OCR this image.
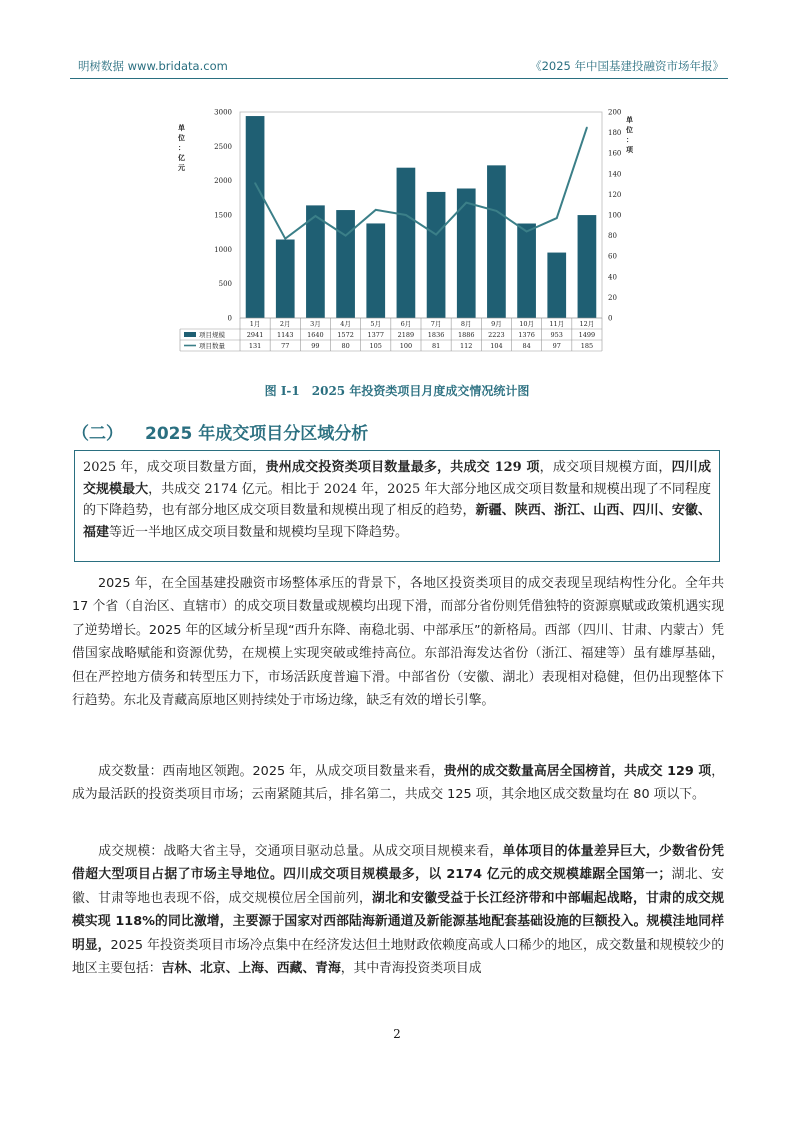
明树数据 www.bridata.com	《2025 年中国基建投融资市场年报》
0
500
1000
1500
2000
2500
3000
0
20
40
60
80
100
120
140
160
180
200
单
位
：
亿
元
单
位
：
项
1月	2月	3月	4月	5月	6月	7月	8月	9月	10月 11月 12月
项目规模	2941 1143 1640 1572 1377 2189 1836 1886 2223 1376 953 1499
项目数量	131	77	99	80	105	100	81	112	104	84	97	185
图 I-1　2025 年投资类项目月度成交情况统计图
（二） 2025 年成交项目分区域分析
2025 年，成交项目数量方面，贵州成交投资类项目数量最多，共成交 129 项，成交项目规模方面，四川成交规模最大，共成交 2174 亿元。相比于 2024 年，2025 年大部分地区成交项目数量和规模出现了不同程度的下降趋势，也有部分地区成交项目数量和规模出现了相反的趋势，新疆、陕西、浙江、山西、四川、安徽、福建等近一半地区成交项目数量和规模均呈现下降趋势。
2025 年，在全国基建投融资市场整体承压的背景下，各地区投资类项目的成交表现呈现结构性分化。全年共 17 个省（自治区、直辖市）的成交项目数量或规模均出现下滑，而部分省份则凭借独特的资源禀赋或政策机遇实现了逆势增长。2025 年的区域分析呈现“西升东降、南稳北弱、中部承压”的新格局。西部（四川、甘肃、内蒙古）凭借国家战略赋能和资源优势，在规模上实现突破或维持高位。东部沿海发达省份（浙江、福建等）虽有雄厚基础，但在严控地方债务和转型压力下，市场活跃度普遍下滑。中部省份（安徽、湖北）表现相对稳健，但仍出现整体下行趋势。东北及青藏高原地区则持续处于市场边缘，缺乏有效的增长引擎。
成交数量：西南地区领跑。2025 年，从成交项目数量来看，贵州的成交数量高居全国榜首，共成交 129 项，成为最活跃的投资类项目市场；云南紧随其后，排名第二，共成交 125 项，其余地区成交数量均在 80 项以下。
成交规模：战略大省主导，交通项目驱动总量。从成交项目规模来看，单体项目的体量差异巨大，少数省份凭借超大型项目占据了市场主导地位。四川成交项目规模最多，以 2174 亿元的成交规模雄踞全国第一；湖北、安徽、甘肃等地也表现不俗，成交规模位居全国前列，湖北和安徽受益于长江经济带和中部崛起战略，甘肃的成交规模实现 118%的同比激增，主要源于国家对西部陆海新通道及新能源基地配套基础设施的巨额投入。规模洼地同样明显，2025 年投资类项目市场冷点集中在经济发达但土地财政依赖度高或人口稀少的地区，成交数量和规模较少的地区主要包括：吉林、北京、上海、西藏、青海，其中青海投资类项目成
2
